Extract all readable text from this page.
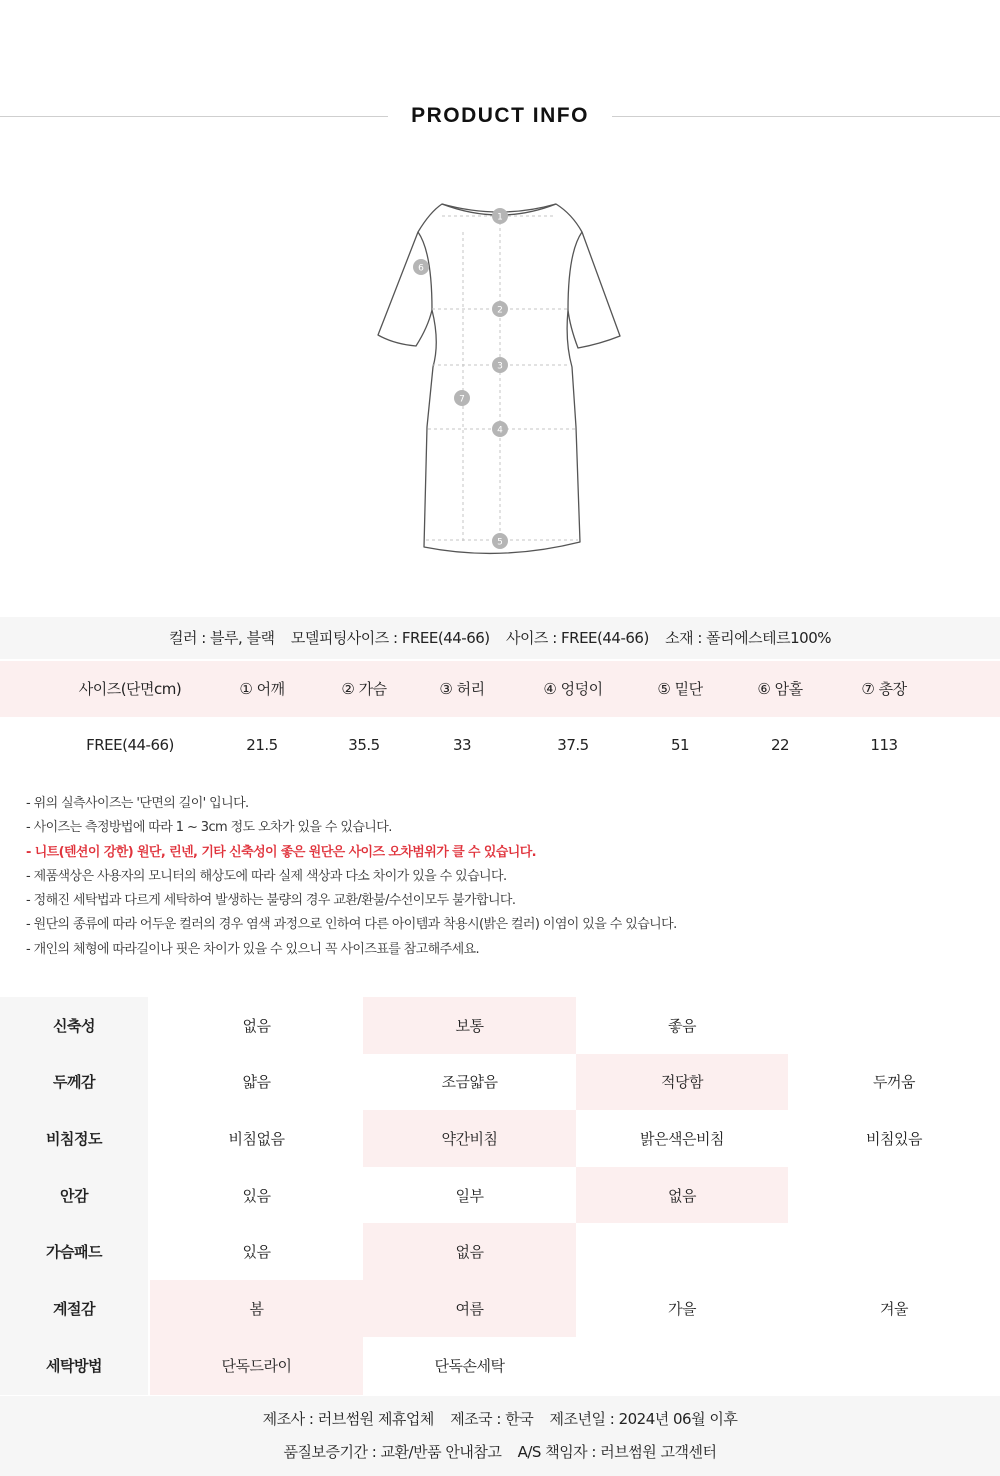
PRODUCT INFO
1
2
3
4
5
6
7
컬러 : 블루, 블랙 모델피팅사이즈 : FREE(44-66) 사이즈 : FREE(44-66) 소재 : 폴리에스테르100%
사이즈(단면cm)	① 어깨	② 가슴	③ 허리	④ 엉덩이	⑤ 밑단	⑥ 암홀	⑦ 총장
FREE(44-66)	21.5	35.5	33	37.5	51	22	113
- 위의 실측사이즈는 '단면의 길이' 입니다.
- 사이즈는 측정방법에 따라 1 ~ 3cm 정도 오차가 있을 수 있습니다.
- 니트(텐션이 강한) 원단, 린넨, 기타 신축성이 좋은 원단은 사이즈 오차범위가 클 수 있습니다.
- 제품색상은 사용자의 모니터의 해상도에 따라 실제 색상과 다소 차이가 있을 수 있습니다.
- 정해진 세탁법과 다르게 세탁하여 발생하는 불량의 경우 교환/환불/수선이모두 불가합니다.
- 원단의 종류에 따라 어두운 컬러의 경우 염색 과정으로 인하여 다른 아이템과 착용시(밝은 컬러) 이염이 있을 수 있습니다.
- 개인의 체형에 따라길이나 핏은 차이가 있을 수 있으니 꼭 사이즈표를 참고해주세요.
신축성	없음	보통	좋음
두께감	얇음	조금얇음	적당함	두꺼움
비침정도	비침없음	약간비침	밝은색은비침	비침있음
안감	있음	일부	없음
가슴패드	있음	없음
계절감	봄	여름	가을	겨울
세탁방법	단독드라이	단독손세탁
제조사 : 러브썸원 제휴업체 제조국 : 한국 제조년일 : 2024년 06월 이후
품질보증기간 : 교환/반품 안내참고 A/S 책임자 : 러브썸원 고객센터
